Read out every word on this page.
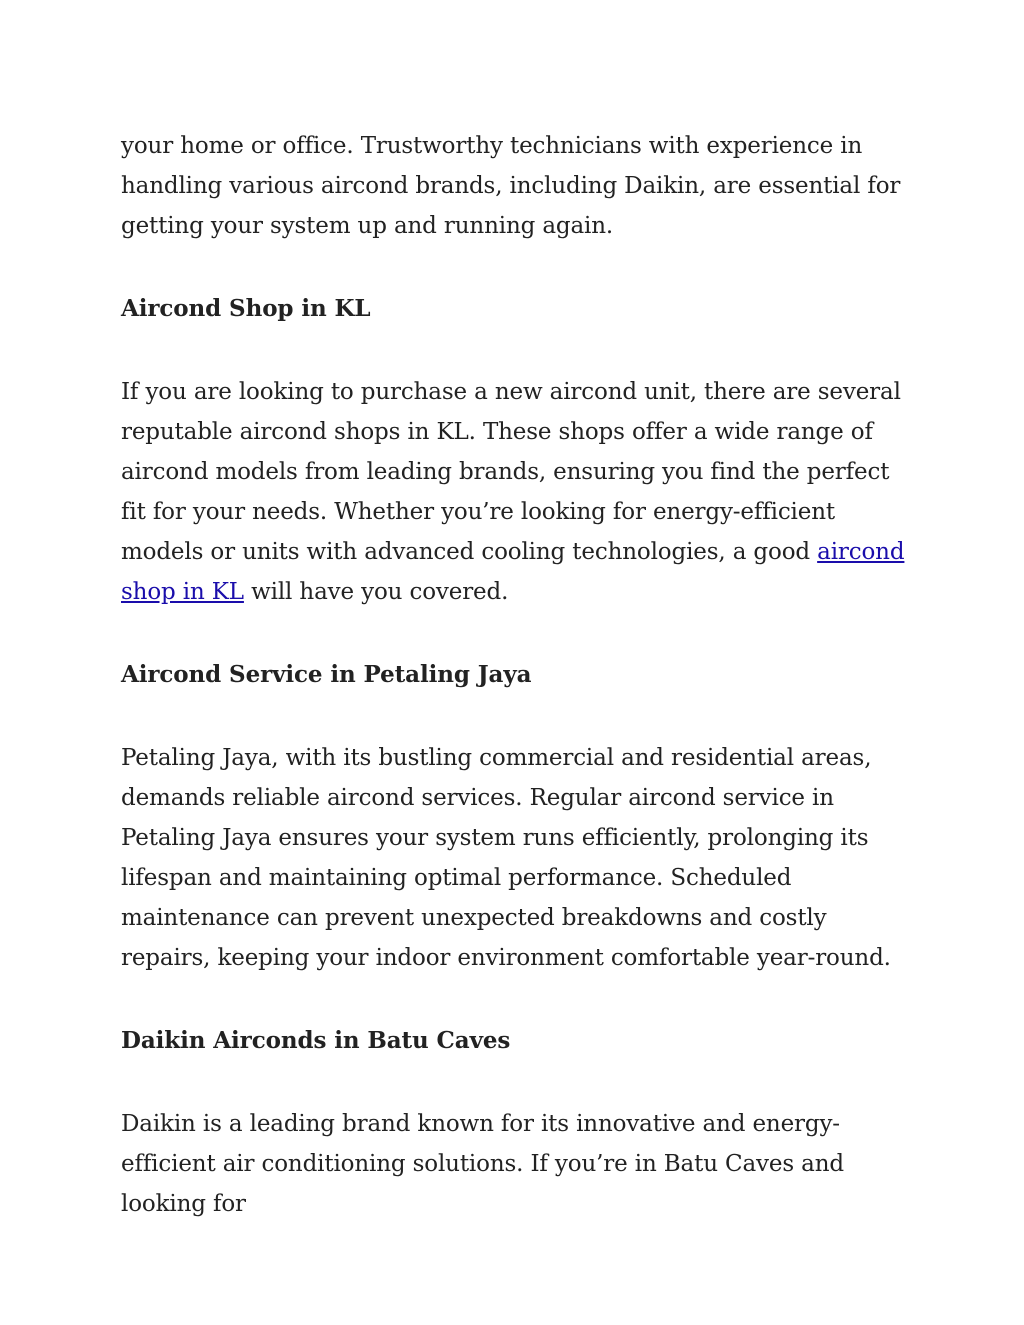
your home or office. Trustworthy technicians with experience in handling various aircond brands, including Daikin, are essential for getting your system up and running again.

Aircond Shop in KL

If you are looking to purchase a new aircond unit, there are several reputable aircond shops in KL. These shops offer a wide range of aircond models from leading brands, ensuring you find the perfect fit for your needs. Whether you’re looking for energy-efficient models or units with advanced cooling technologies, a good aircond shop in KL will have you covered.

Aircond Service in Petaling Jaya

Petaling Jaya, with its bustling commercial and residential areas, demands reliable aircond services. Regular aircond service in Petaling Jaya ensures your system runs efficiently, prolonging its lifespan and maintaining optimal performance. Scheduled maintenance can prevent unexpected breakdowns and costly repairs, keeping your indoor environment comfortable year-round.

Daikin Airconds in Batu Caves

Daikin is a leading brand known for its innovative and energy-efficient air conditioning solutions. If you’re in Batu Caves and looking for
